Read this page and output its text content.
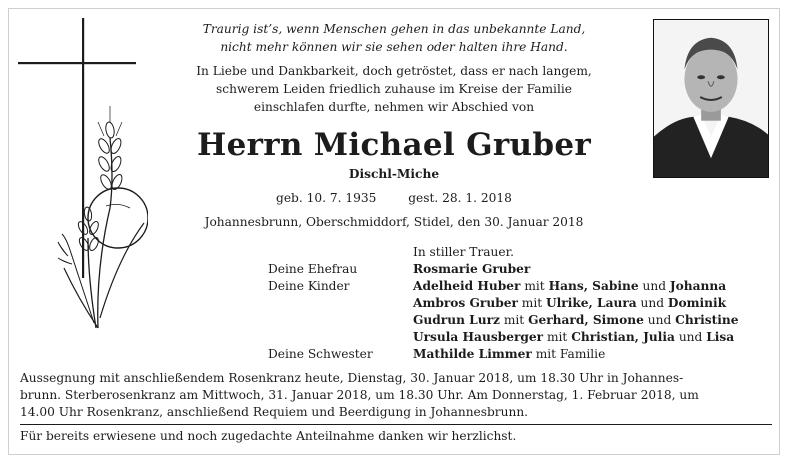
Traurig ist’s, wenn Menschen gehen in das unbekannte Land,
nicht mehr können wir sie sehen oder halten ihre Hand.
In Liebe und Dankbarkeit, doch getröstet, dass er nach langem,
schwerem Leiden friedlich zuhause im Kreise der Familie
einschlafen durfte, nehmen wir Abschied von
Herrn Michael Gruber
Dischl-Miche
geb. 10. 7. 1935	gest. 28. 1. 2018
Johannesbrunn, Oberschmiddorf, Stidel, den 30. Januar 2018
In stiller Trauer.
Deine Ehefrau	Rosmarie Gruber
Deine Kinder	Adelheid Huber mit Hans, Sabine und Johanna
Ambros Gruber mit Ulrike, Laura und Dominik
Gudrun Lurz mit Gerhard, Simone und Christine
Ursula Hausberger mit Christian, Julia und Lisa
Deine Schwester	Mathilde Limmer mit Familie
Aussegnung mit anschließendem Rosenkranz heute, Dienstag, 30. Januar 2018, um 18.30 Uhr in Johannes-
brunn. Sterberosenkranz am Mittwoch, 31. Januar 2018, um 18.30 Uhr. Am Donnerstag, 1. Februar 2018, um
14.00 Uhr Rosenkranz, anschließend Requiem und Beerdigung in Johannesbrunn.
Für bereits erwiesene und noch zugedachte Anteilnahme danken wir herzlichst.
